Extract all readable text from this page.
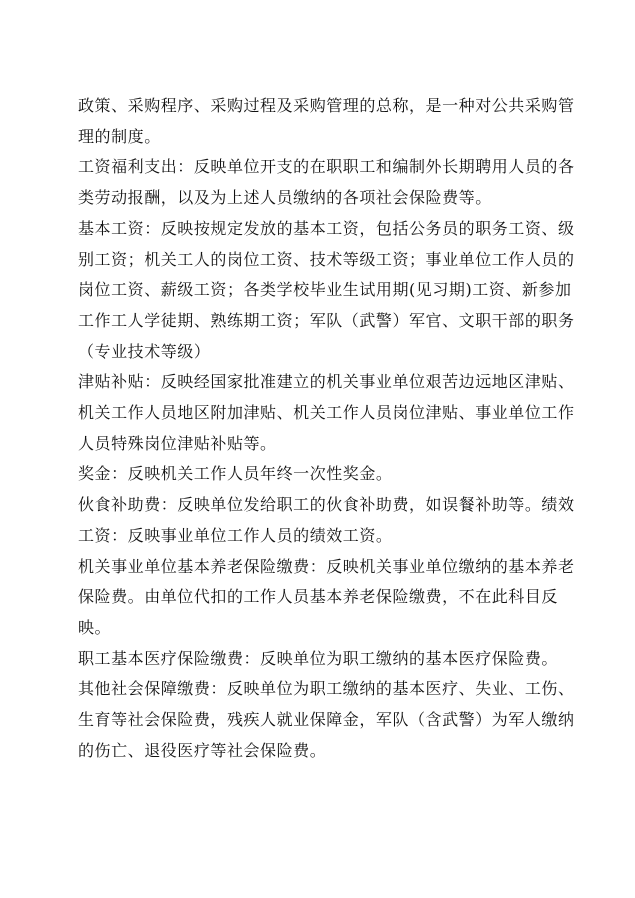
政策、采购程序、采购过程及采购管理的总称，是一种对公共采购管理的制度。

工资福利支出：反映单位开支的在职职工和编制外长期聘用人员的各类劳动报酬，以及为上述人员缴纳的各项社会保险费等。

基本工资：反映按规定发放的基本工资，包括公务员的职务工资、级别工资；机关工人的岗位工资、技术等级工资；事业单位工作人员的岗位工资、薪级工资；各类学校毕业生试用期(见习期)工资、新参加工作工人学徒期、熟练期工资；军队（武警）军官、文职干部的职务（专业技术等级）

津贴补贴：反映经国家批准建立的机关事业单位艰苦边远地区津贴、机关工作人员地区附加津贴、机关工作人员岗位津贴、事业单位工作人员特殊岗位津贴补贴等。

奖金：反映机关工作人员年终一次性奖金。

伙食补助费：反映单位发给职工的伙食补助费，如误餐补助等。绩效工资：反映事业单位工作人员的绩效工资。

机关事业单位基本养老保险缴费：反映机关事业单位缴纳的基本养老保险费。由单位代扣的工作人员基本养老保险缴费，不在此科目反映。

职工基本医疗保险缴费：反映单位为职工缴纳的基本医疗保险费。

其他社会保障缴费：反映单位为职工缴纳的基本医疗、失业、工伤、生育等社会保险费，残疾人就业保障金，军队（含武警）为军人缴纳的伤亡、退役医疗等社会保险费。
